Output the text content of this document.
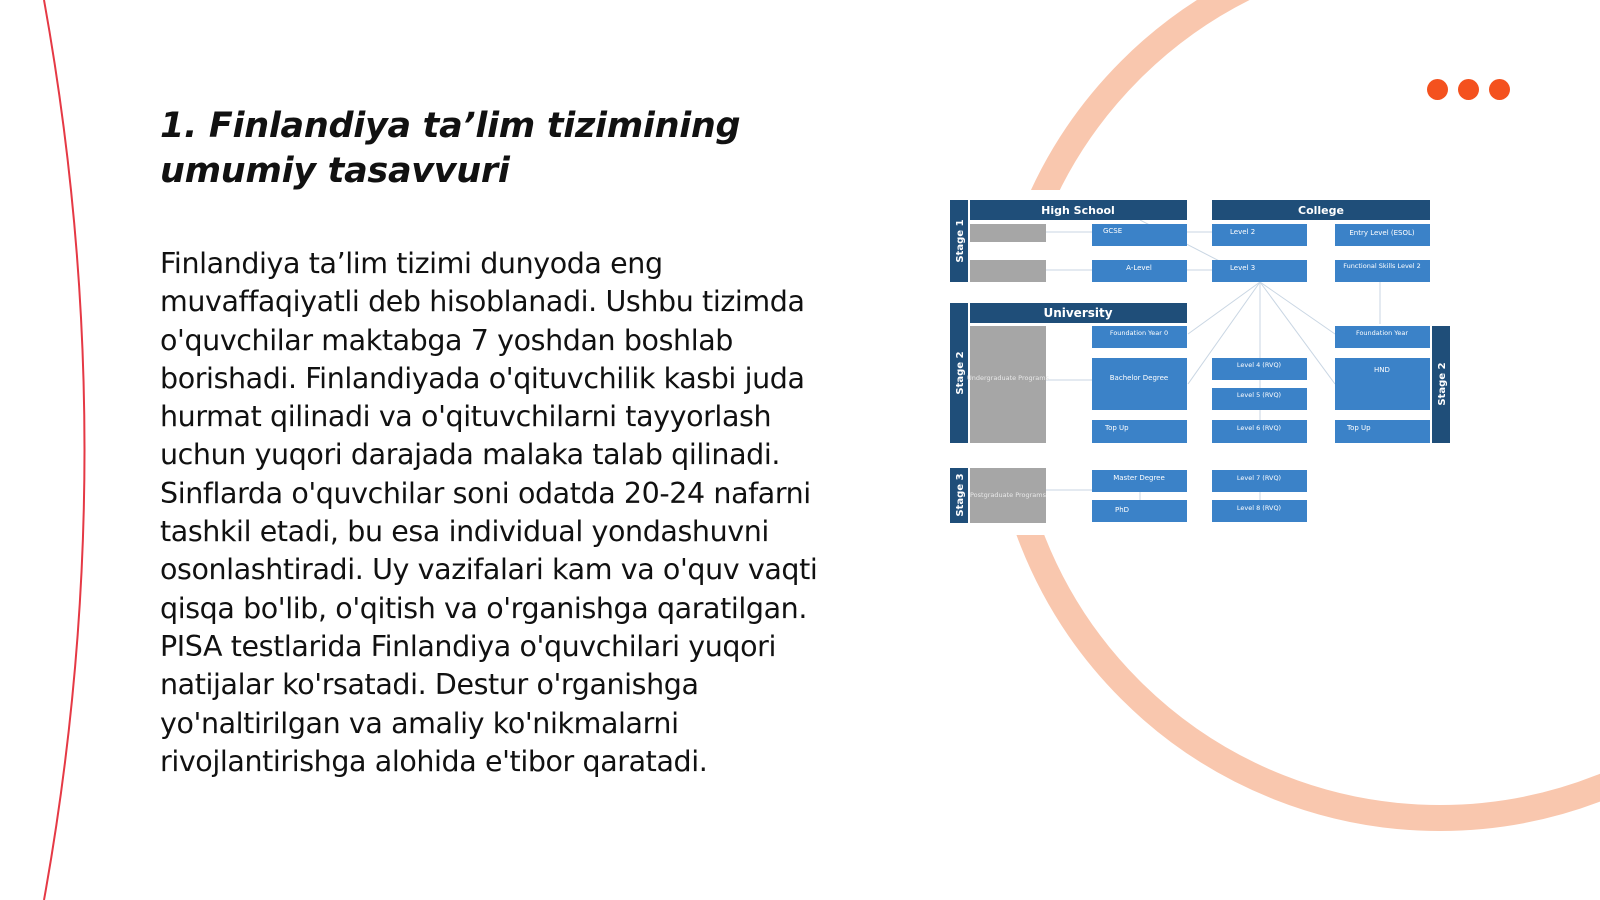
1. Finlandiya ta’lim tizimining umumiy tasavvuri

Finlandiya ta’lim tizimi dunyoda eng muvaffaqiyatli deb hisoblanadi. Ushbu tizimda o'quvchilar maktabga 7 yoshdan boshlab borishadi. Finlandiyada o'qituvchilik kasbi juda hurmat qilinadi va o'qituvchilarni tayyorlash uchun yuqori darajada malaka talab qilinadi. Sinflarda o'quvchilar soni odatda 20-24 nafarni tashkil etadi, bu esa individual yondashuvni osonlashtiradi. Uy vazifalari kam va o'quv vaqti qisqa bo'lib, o'qitish va o'rganishga qaratilgan. PISA testlarida Finlandiya o'quvchilari yuqori natijalar ko'rsatadi. Destur o'rganishga yo'naltirilgan va amaliy ko'nikmalarni rivojlantirishga alohida e'tibor qaratadi.

Stage 1
Stage 2	Stage 2
Stage 3
High School	College
University
GCSE
A-Level
Level 2
Level 3
Entry Level (ESOL)
Functional Skills Level 2
Undergraduate Programs
Foundation Year 0
Bachelor Degree
Top Up
Level 4 (RVQ)
Level 5 (RVQ)
Level 6 (RVQ)
Foundation Year
HND
Top Up
Postgraduate Programs
Master Degree
PhD
Level 7 (RVQ)
Level 8 (RVQ)
